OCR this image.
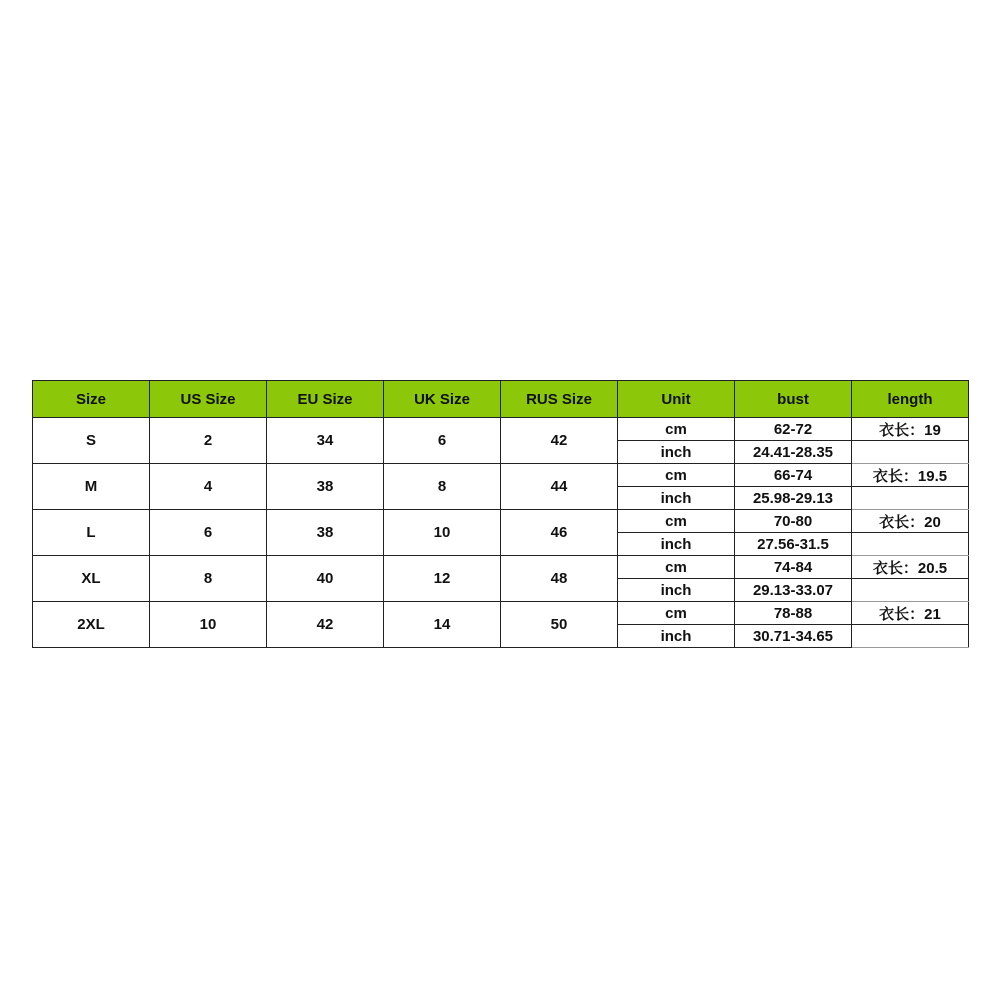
Size	US Size	EU Size	UK Size	RUS Size	Unit	bust	length
S	2	34	6	42	cm	62-72	衣长：19
					inch	24.41-28.35	
M	4	38	8	44	cm	66-74	衣长：19.5
					inch	25.98-29.13	
L	6	38	10	46	cm	70-80	衣长：20
					inch	27.56-31.5	
XL	8	40	12	48	cm	74-84	衣长：20.5
					inch	29.13-33.07	
2XL	10	42	14	50	cm	78-88	衣长：21
					inch	30.71-34.65	
